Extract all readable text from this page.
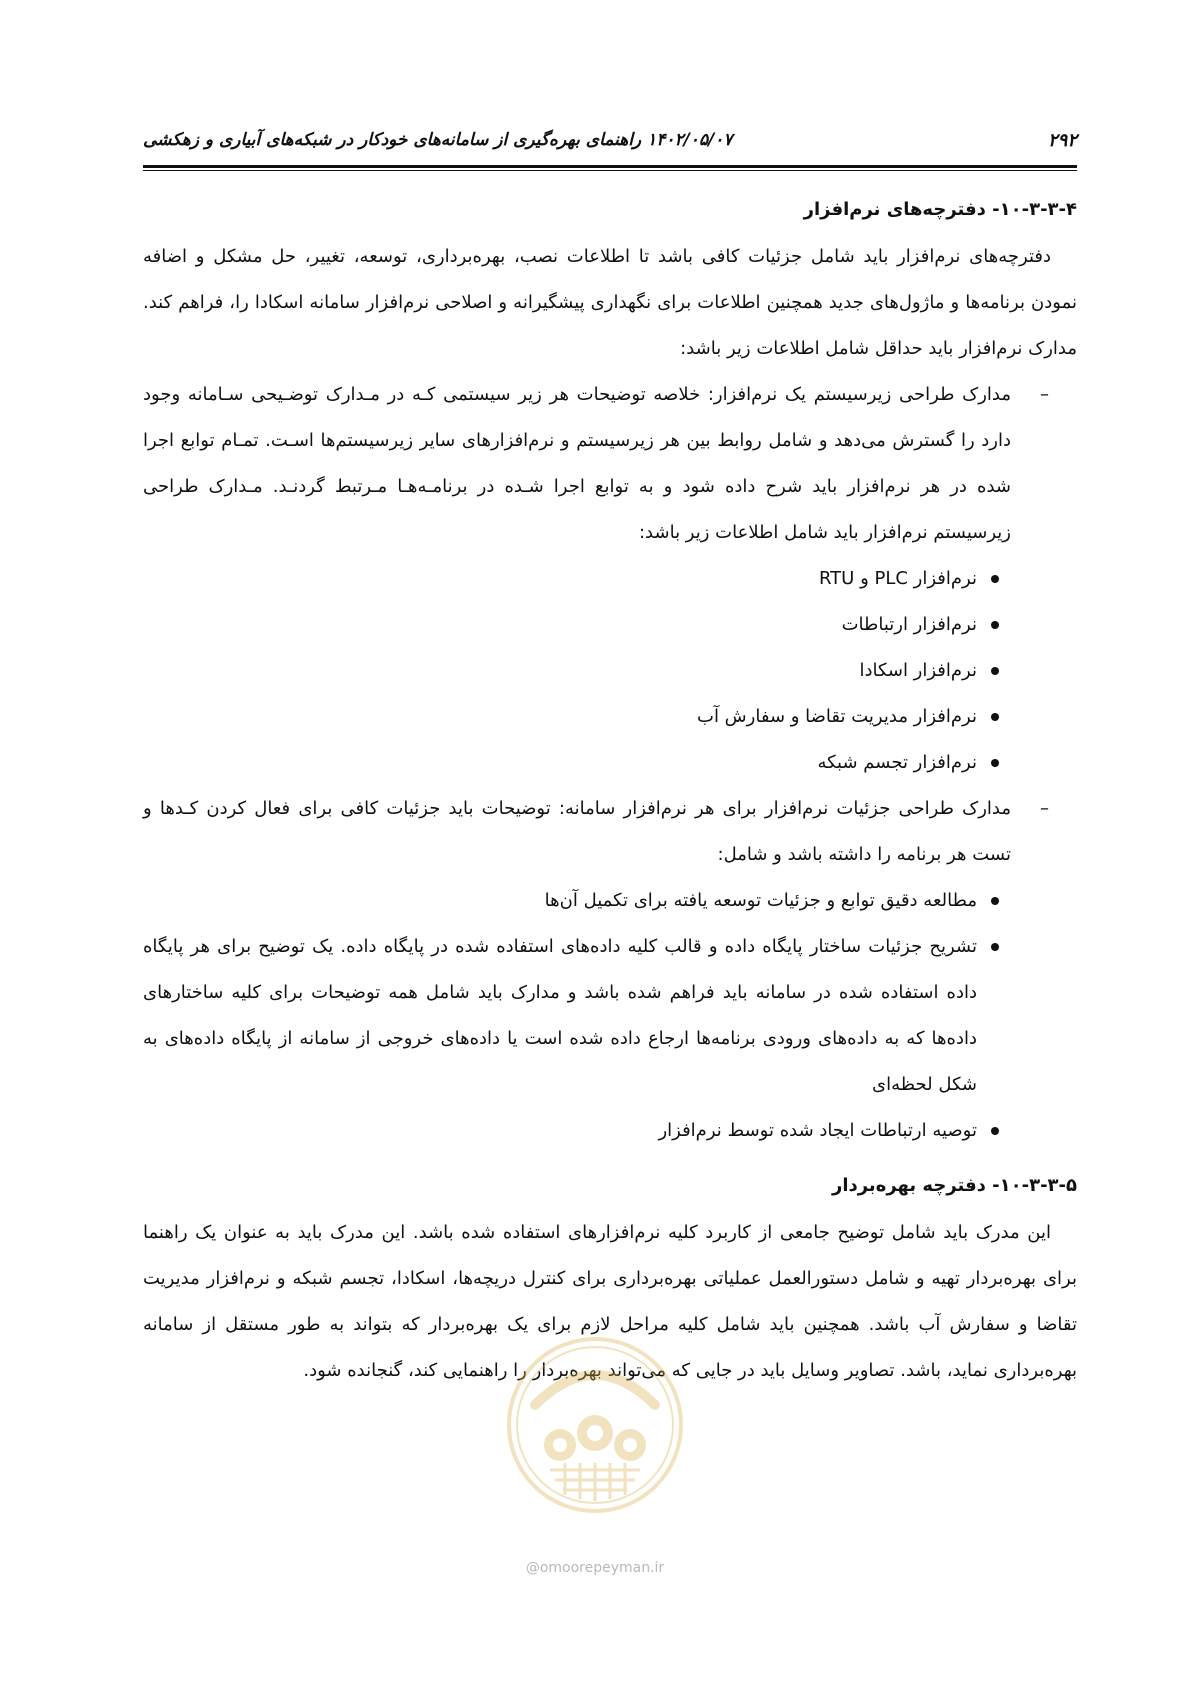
۲۹۲
۱۴۰۲/۰۵/۰۷ راهنمای بهره‌گیری از سامانه‌های خودکار در شبکه‌های آبیاری و زهکشی
۱۰-۳-۳-۴- دفترچه‌های نرم‌افزار

دفترچه‌های نرم‌افزار باید شامل جزئیات کافی باشد تا اطلاعات نصب، بهره‌برداری، توسعه، تغییر، حل مشکل و اضافه نمودن برنامه‌ها و ماژول‌های جدید همچنین اطلاعات برای نگهداری پیشگیرانه و اصلاحی نرم‌افزار سامانه اسکادا را، فراهم کند. مدارک نرم‌افزار باید حداقل شامل اطلاعات زیر باشد:

–
مدارک طراحی زیرسیستم یک نرم‌افزار: خلاصه توضیحات هر زیر سیستمی کـه در مـدارک توضـیحی سـامانه وجود دارد را گسترش می‌دهد و شامل روابط بین هر زیرسیستم و نرم‌افزارهای سایر زیرسیستم‌ها اسـت. تمـام توابع اجرا شده در هر نرم‌افزار باید شرح داده شود و به توابع اجرا شـده در برنامـه‌هـا مـرتبط گردنـد. مـدارک طراحی زیرسیستم نرم‌افزار باید شامل اطلاعات زیر باشد:
نرم‌افزار PLC و RTU
نرم‌افزار ارتباطات
نرم‌افزار اسکادا
نرم‌افزار مدیریت تقاضا و سفارش آب
نرم‌افزار تجسم شبکه
–
مدارک طراحی جزئیات نرم‌افزار برای هر نرم‌افزار سامانه: توضیحات باید جزئیات کافی برای فعال کردن کـدها و تست هر برنامه را داشته باشد و شامل:
مطالعه دقیق توابع و جزئیات توسعه یافته برای تکمیل آن‌ها
تشریح جزئیات ساختار پایگاه داده و قالب کلیه داده‌های استفاده شده در پایگاه داده. یک توضیح برای هر پایگاه داده استفاده شده در سامانه باید فراهم شده باشد و مدارک باید شامل همه توضیحات برای کلیه ساختارهای داده‌ها که به داده‌های ورودی برنامه‌ها ارجاع داده شده است یا داده‌های خروجی از سامانه از پایگاه داده‌های به شکل لحظه‌ای
توصیه ارتباطات ایجاد شده توسط نرم‌افزار
۱۰-۳-۳-۵- دفترچه بهره‌بردار

این مدرک باید شامل توضیح جامعی از کاربرد کلیه نرم‌افزارهای استفاده شده باشد. این مدرک باید به عنوان یک راهنما برای بهره‌بردار تهیه و شامل دستورالعمل عملیاتی بهره‌برداری برای کنترل دریچه‌ها، اسکادا، تجسم شبکه و نرم‌افزار مدیریت تقاضا و سفارش آب باشد. همچنین باید شامل کلیه مراحل لازم برای یک بهره‌بردار که بتواند به طور مستقل از سامانه بهره‌برداری نماید، باشد. تصاویر وسایل باید در جایی که می‌تواند بهره‌بردار را راهنمایی کند، گنجانده شود.

@omoorepeyman.ir
